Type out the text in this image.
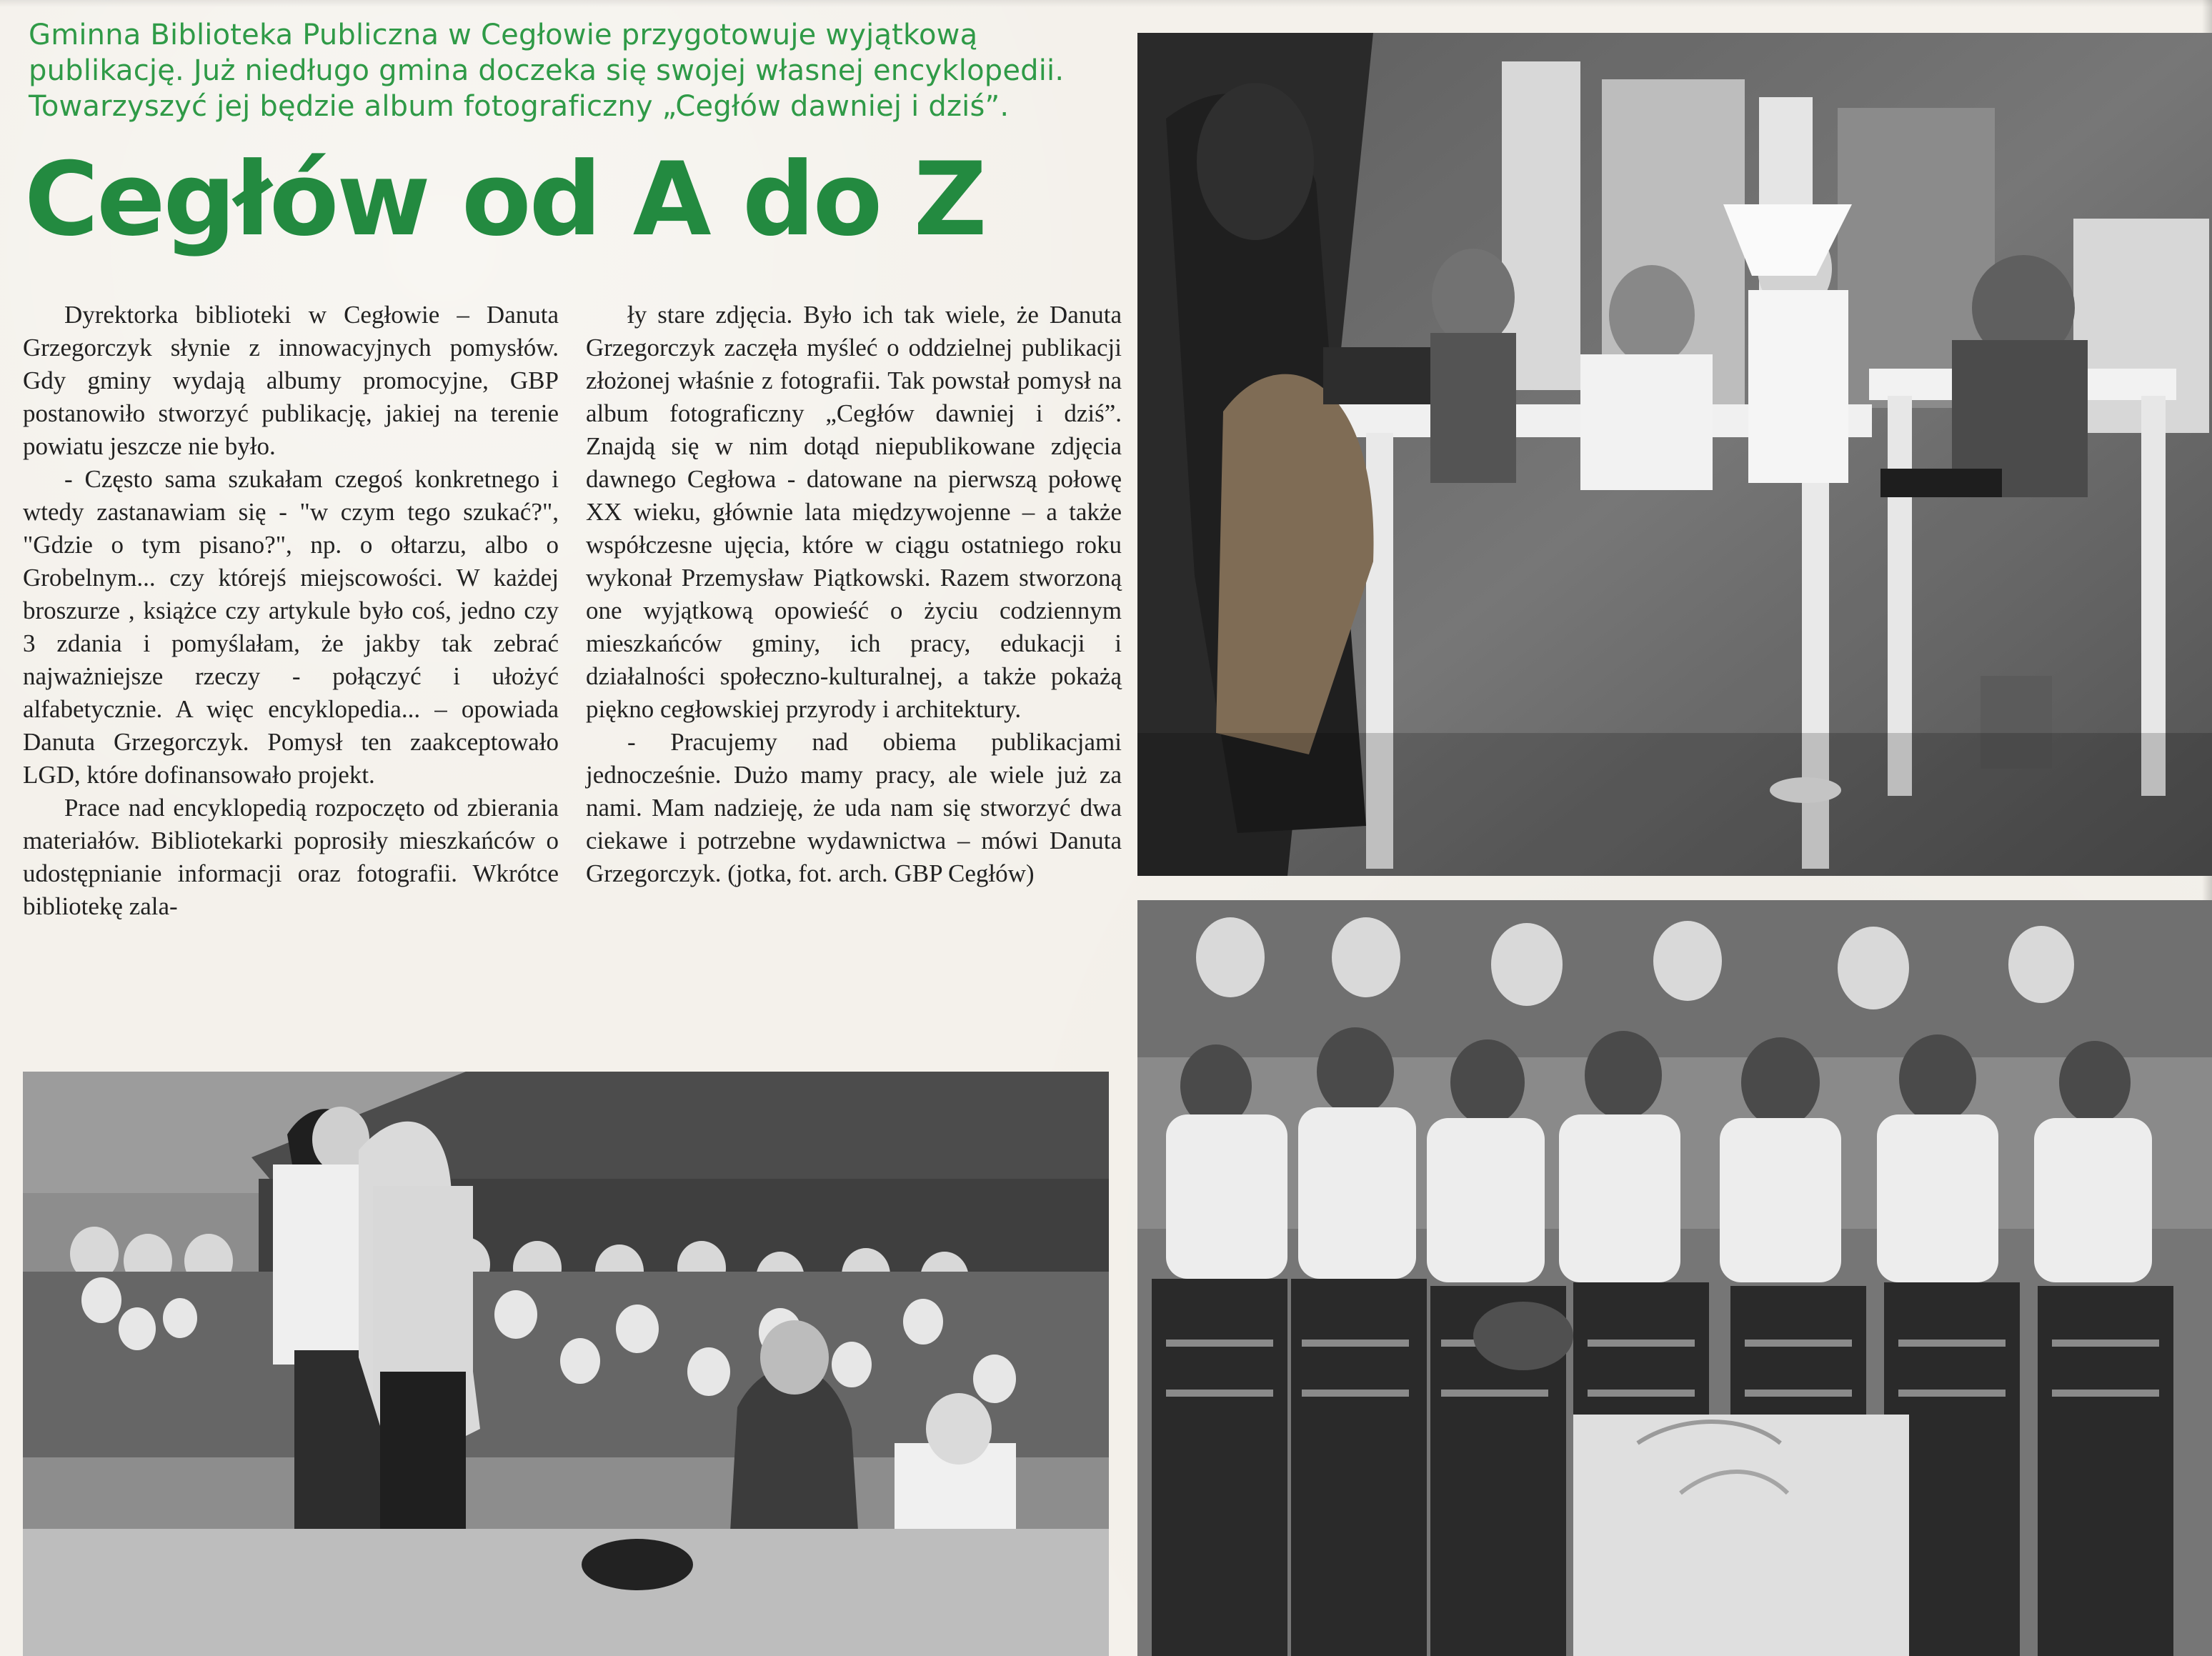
Gminna Biblioteka Publiczna w Cegłowie przygotowuje wyjątkową publikację. Już niedługo gmina doczeka się swojej własnej encyklopedii. Towarzyszyć jej będzie album fotograficzny „Cegłów dawniej i dziś”.
Cegłów od A do Z

Dyrektorka biblioteki w Cegłowie – Danuta Grzegorczyk słynie z innowacyjnych pomysłów. Gdy gminy wydają albumy promocyjne, GBP postanowiło stworzyć publikację, jakiej na terenie powiatu jeszcze nie było.

- Często sama szukałam czegoś konkretnego i wtedy zastanawiam się - "w czym tego szukać?", "Gdzie o tym pisano?", np. o ołtarzu, albo o Grobelnym... czy którejś miejscowości. W każdej broszurze , książce czy artykule było coś, jedno czy 3 zdania i pomyślałam, że jakby tak zebrać najważniejsze rzeczy - połączyć i ułożyć alfabetycznie. A więc encyklopedia... – opowiada Danuta Grzegorczyk. Pomysł ten zaakceptowało LGD, które dofinansowało projekt.

Prace nad encyklopedią rozpoczęto od zbierania materiałów. Bibliotekarki poprosiły mieszkańców o udostępnianie informacji oraz fotografii. Wkrótce bibliotekę zala-

ły stare zdjęcia. Było ich tak wiele, że Danuta Grzegorczyk zaczęła myśleć o oddzielnej publikacji złożonej właśnie z fotografii. Tak powstał pomysł na album fotograficzny „Cegłów dawniej i dziś”. Znajdą się w nim dotąd niepublikowane zdjęcia dawnego Cegłowa - datowane na pierwszą połowę XX wieku, głównie lata międzywojenne – a także współczesne ujęcia, które w ciągu ostatniego roku wykonał Przemysław Piątkowski. Razem stworzoną one wyjątkową opowieść o życiu codziennym mieszkańców gminy, ich pracy, edukacji i działalności społeczno-kulturalnej, a także pokażą piękno cegłowskiej przyrody i architektury.

- Pracujemy nad obiema publikacjami jednocześnie. Dużo mamy pracy, ale wiele już za nami. Mam nadzieję, że uda nam się stworzyć dwa ciekawe i potrzebne wydawnictwa – mówi Danuta Grzegorczyk. (jotka, fot. arch. GBP Cegłów)
